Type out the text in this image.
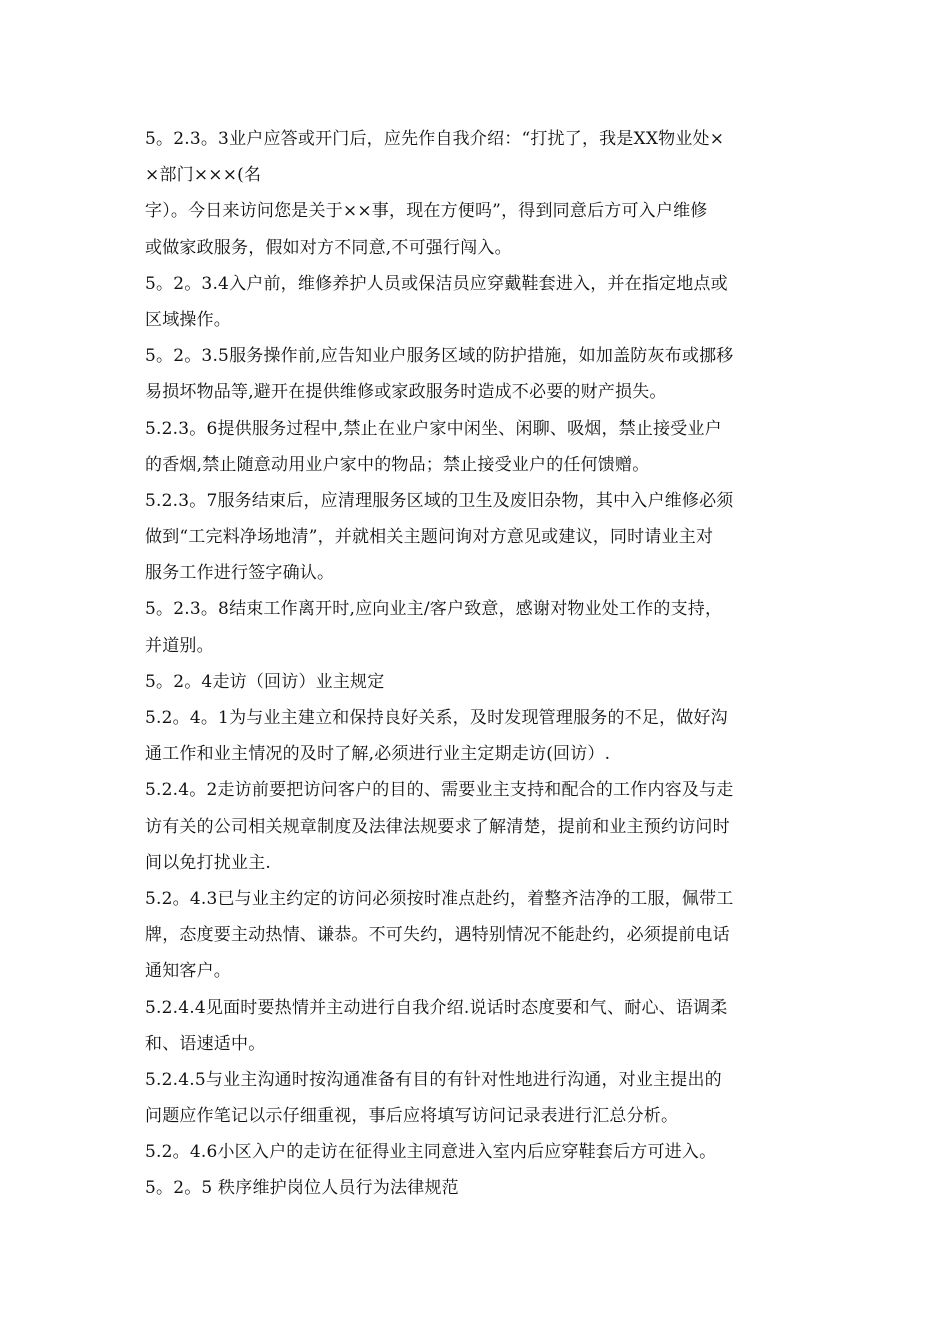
5。2.3。3业户应答或开门后，应先作自我介绍：“打扰了，我是XX物业处×
×部门×××(名
字）。今日来访问您是关于××事，现在方便吗”，得到同意后方可入户维修
或做家政服务，假如对方不同意,不可强行闯入。
5。2。3.4入户前，维修养护人员或保洁员应穿戴鞋套进入，并在指定地点或
区域操作。
5。2。3.5服务操作前,应告知业户服务区域的防护措施，如加盖防灰布或挪移
易损坏物品等,避开在提供维修或家政服务时造成不必要的财产损失。
5.2.3。6提供服务过程中,禁止在业户家中闲坐、闲聊、吸烟，禁止接受业户
的香烟,禁止随意动用业户家中的物品；禁止接受业户的任何馈赠。
5.2.3。7服务结束后，应清理服务区域的卫生及废旧杂物，其中入户维修必须
做到“工完料净场地清”，并就相关主题问询对方意见或建议，同时请业主对
服务工作进行签字确认。
5。2.3。8结束工作离开时,应向业主/客户致意，感谢对物业处工作的支持，
并道别。
5。2。4走访（回访）业主规定
5.2。4。1为与业主建立和保持良好关系，及时发现管理服务的不足，做好沟
通工作和业主情况的及时了解,必须进行业主定期走访(回访）.
5.2.4。2走访前要把访问客户的目的、需要业主支持和配合的工作内容及与走
访有关的公司相关规章制度及法律法规要求了解清楚，提前和业主预约访问时
间以免打扰业主.
5.2。4.3已与业主约定的访问必须按时准点赴约，着整齐洁净的工服，佩带工
牌，态度要主动热情、谦恭。不可失约，遇特别情况不能赴约，必须提前电话
通知客户。
5.2.4.4见面时要热情并主动进行自我介绍.说话时态度要和气、耐心、语调柔
和、语速适中。
5.2.4.5与业主沟通时按沟通准备有目的有针对性地进行沟通，对业主提出的
问题应作笔记以示仔细重视，事后应将填写访问记录表进行汇总分析。
5.2。4.6小区入户的走访在征得业主同意进入室内后应穿鞋套后方可进入。
5。2。5 秩序维护岗位人员行为法律规范
